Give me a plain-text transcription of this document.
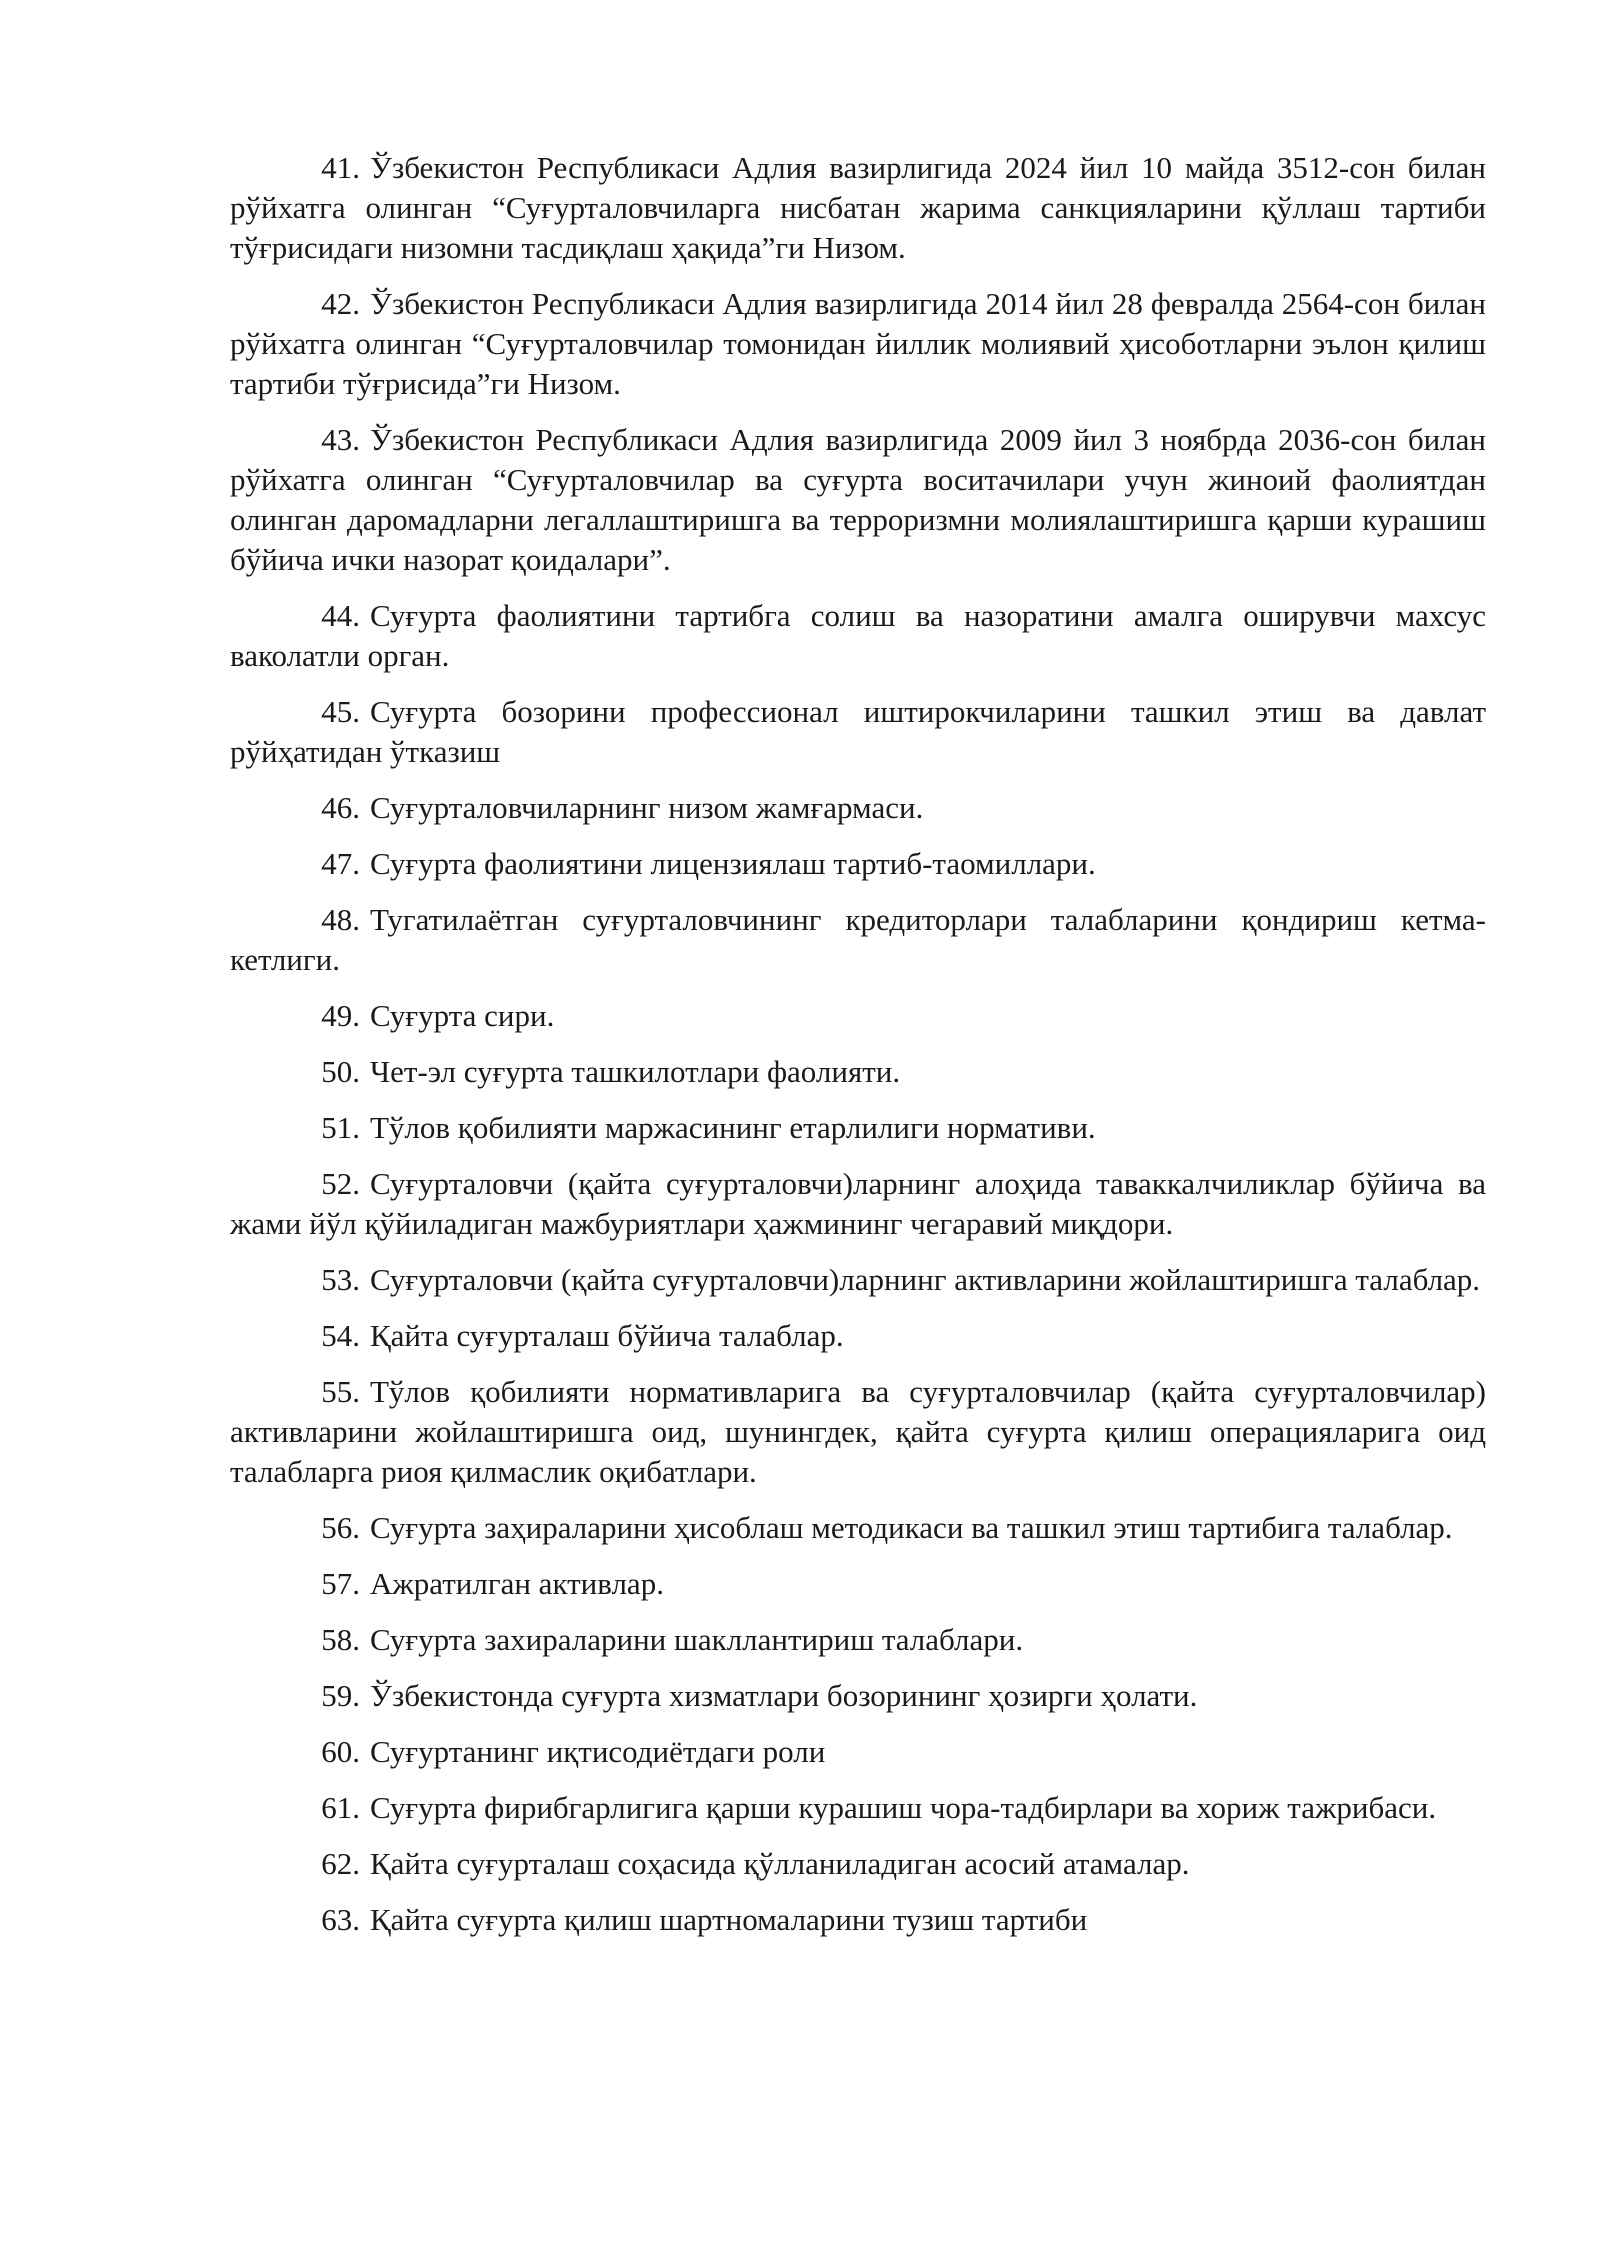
41. Ўзбекистон Республикаси Адлия вазирлигида 2024 йил 10 майда 3512-сон билан рўйхатга олинган “Суғурталовчиларга нисбатан жарима санкцияларини қўллаш тартиби тўғрисидаги низомни тасдиқлаш ҳақида”ги Низом.

42. Ўзбекистон Республикаси Адлия вазирлигида 2014 йил 28 февралда 2564-сон билан рўйхатга олинган “Суғурталовчилар томонидан йиллик молиявий ҳисоботларни эълон қилиш тартиби тўғрисида”ги Низом.

43. Ўзбекистон Республикаси Адлия вазирлигида 2009 йил 3 ноябрда 2036-сон билан рўйхатга олинган “Суғурталовчилар ва суғурта воситачилари учун жиноий фаолиятдан олинган даромадларни легаллаштиришга ва терроризмни молиялаштиришга қарши курашиш бўйича ички назорат қоидалари”.

44. Суғурта фаолиятини тартибга солиш ва назоратини амалга оширувчи махсус ваколатли орган.

45. Суғурта бозорини профессионал иштирокчиларини ташкил этиш ва давлат рўйҳатидан ўтказиш

46. Суғурталовчиларнинг низом жамғармаси.

47. Суғурта фаолиятини лицензиялаш тартиб-таомиллари.

48. Тугатилаётган суғурталовчининг кредиторлари талабларини қондириш кетма-кетлиги.

49. Суғурта сири.

50. Чет-эл суғурта ташкилотлари фаолияти.

51. Тўлов қобилияти маржасининг етарлилиги нормативи.

52. Суғурталовчи (қайта суғурталовчи)ларнинг алоҳида таваккалчиликлар бўйича ва жами йўл қўйиладиган мажбуриятлари ҳажмининг чегаравий миқдори.

53. Суғурталовчи (қайта суғурталовчи)ларнинг активларини жойлаштиришга талаблар.

54. Қайта суғурталаш бўйича талаблар.

55. Тўлов қобилияти нормативларига ва суғурталовчилар (қайта суғурталовчилар) активларини жойлаштиришга оид, шунингдек, қайта суғурта қилиш операцияларига оид талабларга риоя қилмаслик оқибатлари.

56. Суғурта заҳираларини ҳисоблаш методикаси ва ташкил этиш тартибига талаблар.

57. Ажратилган активлар.

58. Суғурта захираларини шакллантириш талаблари.

59. Ўзбекистонда суғурта хизматлари бозорининг ҳозирги ҳолати.

60. Суғуртанинг иқтисодиётдаги роли

61. Суғурта фирибгарлигига қарши курашиш чора-тадбирлари ва хориж тажрибаси.

62. Қайта суғурталаш соҳасида қўлланиладиган асосий атамалар.

63. Қайта суғурта қилиш шартномаларини тузиш тартиби
